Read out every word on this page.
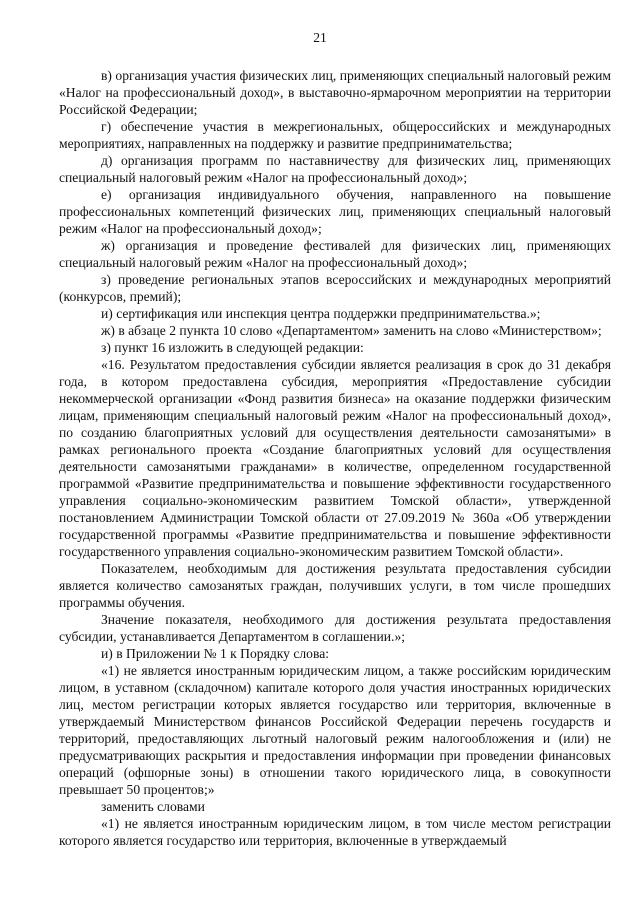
21

в) организация участия физических лиц, применяющих специальный налоговый режим «Налог на профессиональный доход», в выставочно-ярмарочном мероприятии на территории Российской Федерации;

г) обеспечение участия в межрегиональных, общероссийских и международных мероприятиях, направленных на поддержку и развитие предпринимательства;

д) организация программ по наставничеству для физических лиц, применяющих специальный налоговый режим «Налог на профессиональный доход»;

е) организация индивидуального обучения, направленного на повышение профессиональных компетенций физических лиц, применяющих специальный налоговый режим «Налог на профессиональный доход»;

ж) организация и проведение фестивалей для физических лиц, применяющих специальный налоговый режим «Налог на профессиональный доход»;

з) проведение региональных этапов всероссийских и международных мероприятий (конкурсов, премий);

и) сертификация или инспекция центра поддержки предпринимательства.»;

ж) в абзаце 2 пункта 10 слово «Департаментом» заменить на слово «Министерством»;

з) пункт 16 изложить в следующей редакции:

«16. Результатом предоставления субсидии является реализация в срок до 31 декабря года, в котором предоставлена субсидия, мероприятия «Предоставление субсидии некоммерческой организации «Фонд развития бизнеса» на оказание поддержки физическим лицам, применяющим специальный налоговый режим «Налог на профессиональный доход», по созданию благоприятных условий для осуществления деятельности самозанятыми» в рамках регионального проекта «Создание благоприятных условий для осуществления деятельности самозанятыми гражданами» в количестве, определенном государственной программой «Развитие предпринимательства и повышение эффективности государственного управления социально-экономическим развитием Томской области», утвержденной постановлением Администрации Томской области от 27.09.2019 № 360а «Об утверждении государственной программы «Развитие предпринимательства и повышение эффективности государственного управления социально-экономическим развитием Томской области».

Показателем, необходимым для достижения результата предоставления субсидии является количество самозанятых граждан, получивших услуги, в том числе прошедших программы обучения.

Значение показателя, необходимого для достижения результата предоставления субсидии, устанавливается Департаментом в соглашении.»;

и) в Приложении № 1 к Порядку слова:

«1) не является иностранным юридическим лицом, а также российским юридическим лицом, в уставном (складочном) капитале которого доля участия иностранных юридических лиц, местом регистрации которых является государство или территория, включенные в утверждаемый Министерством финансов Российской Федерации перечень государств и территорий, предоставляющих льготный налоговый режим налогообложения и (или) не предусматривающих раскрытия и предоставления информации при проведении финансовых операций (офшорные зоны) в отношении такого юридического лица, в совокупности превышает 50 процентов;»

заменить словами

«1) не является иностранным юридическим лицом, в том числе местом регистрации которого является государство или территория, включенные в утверждаемый
